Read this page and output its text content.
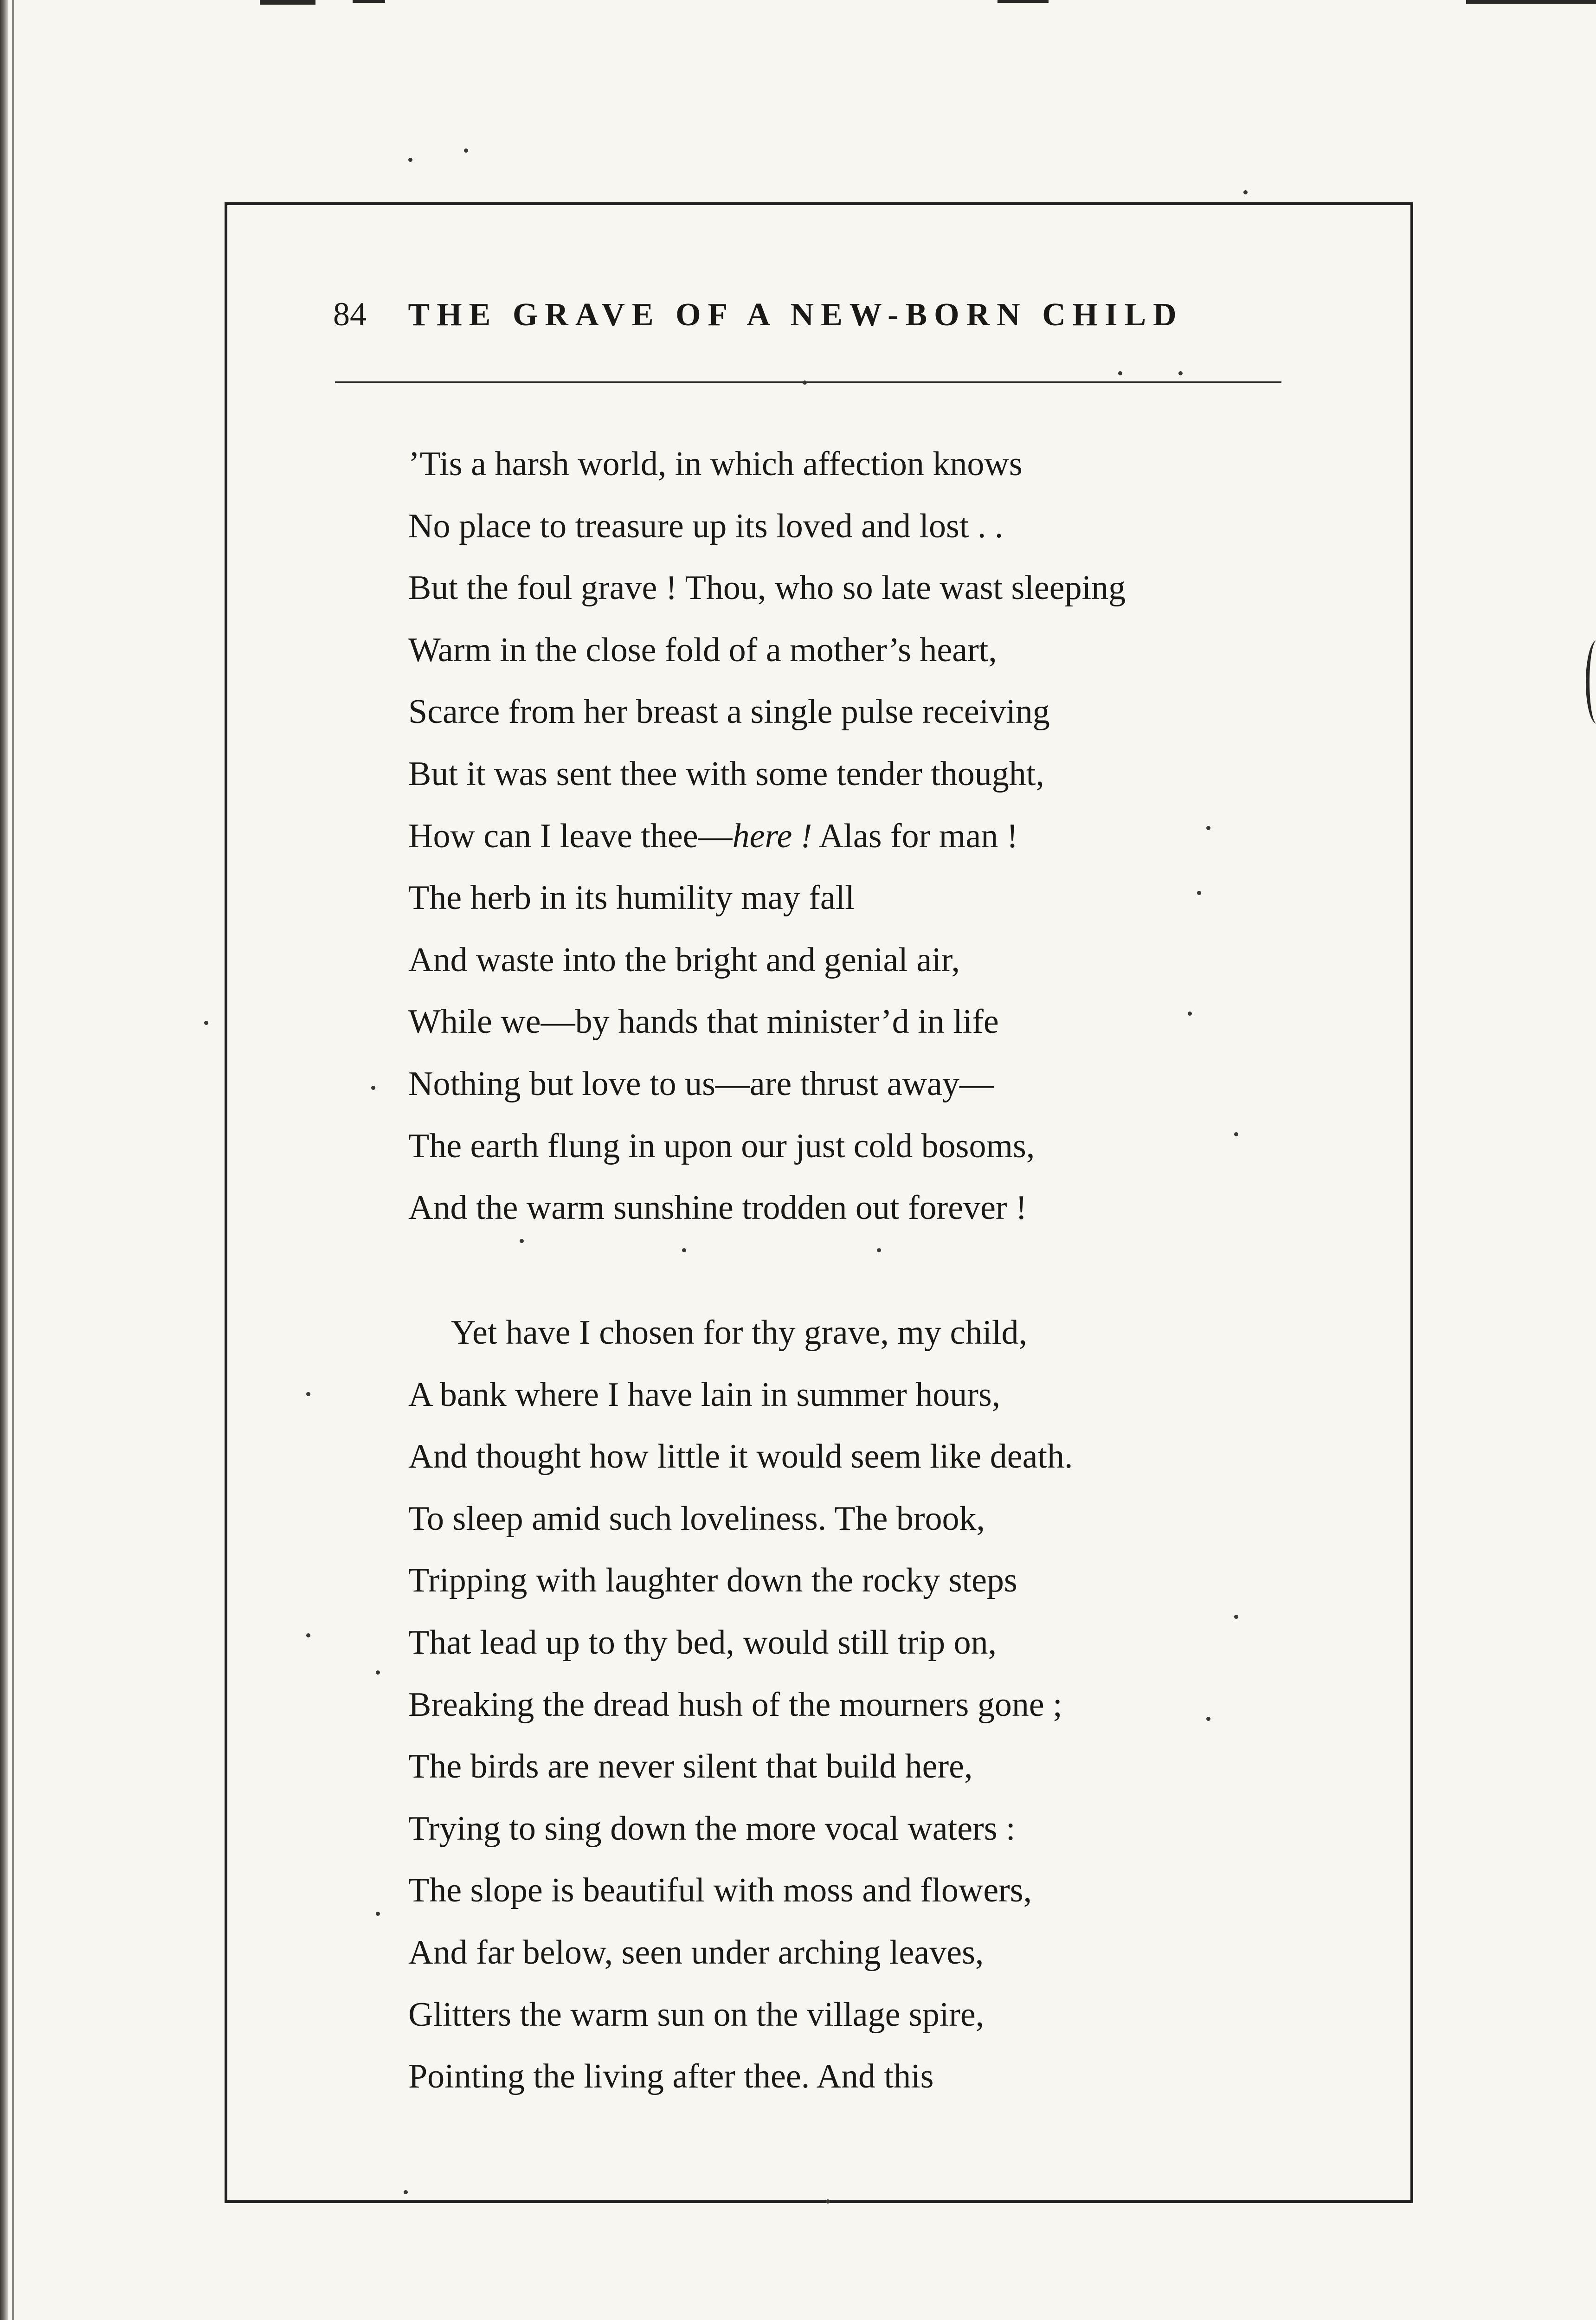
84 THE GRAVE OF A NEW-BORN CHILD
’Tis a harsh world, in which affection knows
No place to treasure up its loved and lost . .
But the foul grave ! Thou, who so late wast sleeping
Warm in the close fold of a mother’s heart,
Scarce from her breast a single pulse receiving
But it was sent thee with some tender thought,
How can I leave thee—here ! Alas for man !
The herb in its humility may fall
And waste into the bright and genial air,
While we—by hands that minister’d in life
Nothing but love to us—are thrust away—
The earth flung in upon our just cold bosoms,
And the warm sunshine trodden out forever !
Yet have I chosen for thy grave, my child,
A bank where I have lain in summer hours,
And thought how little it would seem like death.
To sleep amid such loveliness. The brook,
Tripping with laughter down the rocky steps
That lead up to thy bed, would still trip on,
Breaking the dread hush of the mourners gone ;
The birds are never silent that build here,
Trying to sing down the more vocal waters :
The slope is beautiful with moss and flowers,
And far below, seen under arching leaves,
Glitters the warm sun on the village spire,
Pointing the living after thee. And this
